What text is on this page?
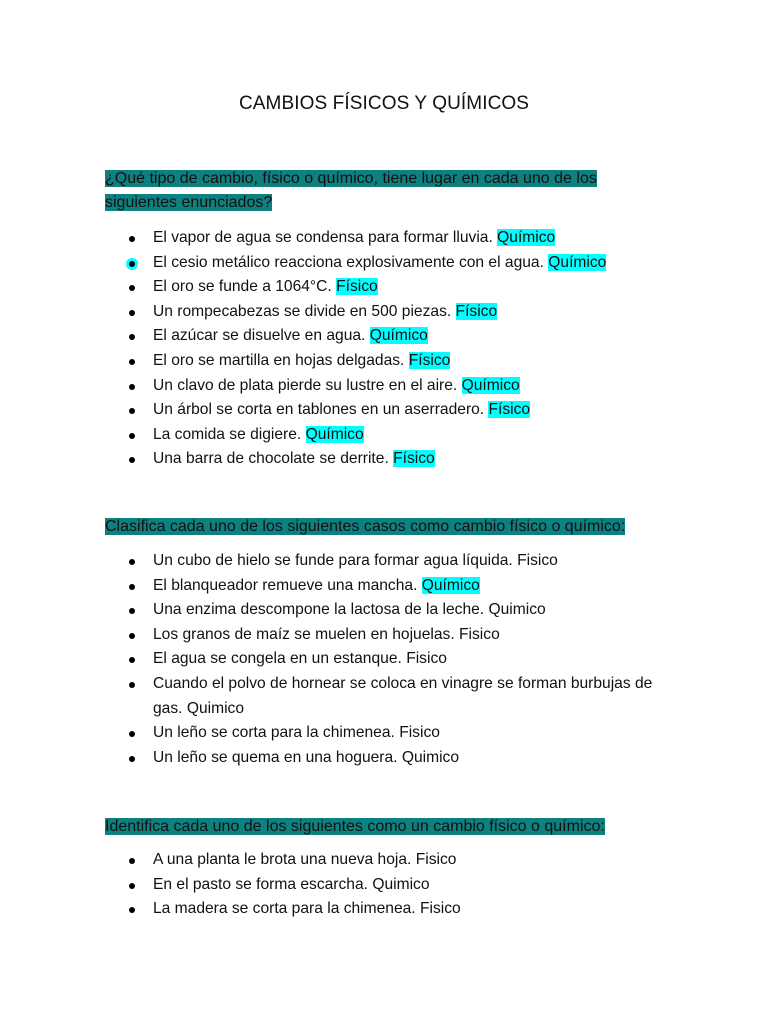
CAMBIOS FÍSICOS Y QUÍMICOS
¿Qué tipo de cambio, físico o químico, tiene lugar en cada uno de los siguientes enunciados?
El vapor de agua se condensa para formar lluvia. Químico
El cesio metálico reacciona explosivamente con el agua. Químico
El oro se funde a 1064°C. Físico
Un rompecabezas se divide en 500 piezas. Físico
El azúcar se disuelve en agua. Químico
El oro se martilla en hojas delgadas. Físico
Un clavo de plata pierde su lustre en el aire. Químico
Un árbol se corta en tablones en un aserradero. Físico
La comida se digiere. Químico
Una barra de chocolate se derrite. Físico
Clasifica cada uno de los siguientes casos como cambio físico o químico:
Un cubo de hielo se funde para formar agua líquida. Fisico
El blanqueador remueve una mancha. Químico
Una enzima descompone la lactosa de la leche. Quimico
Los granos de maíz se muelen en hojuelas. Fisico
El agua se congela en un estanque. Fisico
Cuando el polvo de hornear se coloca en vinagre se forman burbujas de gas. Quimico
Un leño se corta para la chimenea. Fisico
Un leño se quema en una hoguera. Quimico
Identifica cada uno de los siguientes como un cambio físico o químico:
A una planta le brota una nueva hoja. Fisico
En el pasto se forma escarcha. Quimico
La madera se corta para la chimenea. Fisico
